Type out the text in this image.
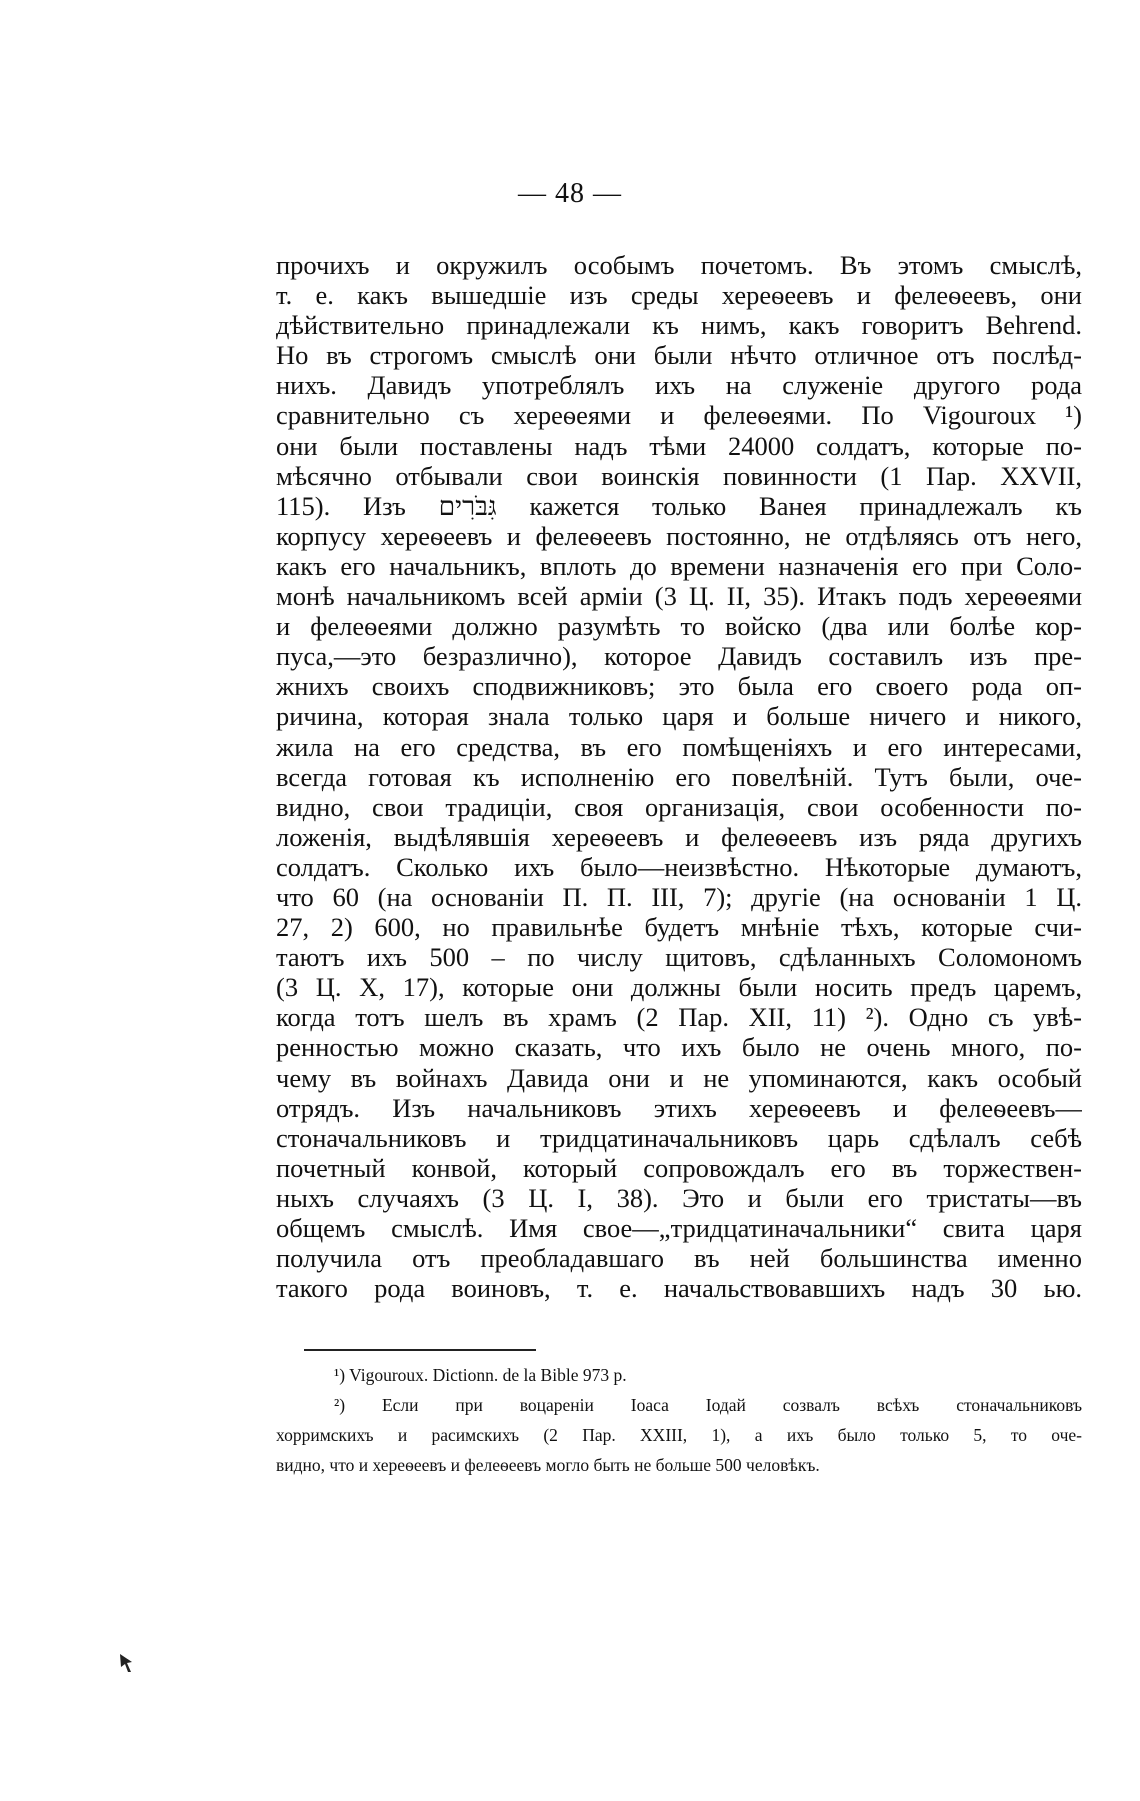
— 48 —
прочихъ и окружилъ особымъ почетомъ. Въ этомъ смыслѣ,
т. е. какъ вышедшіе изъ среды хереѳеевъ и фелеѳеевъ, они
дѣйствительно принадлежали къ нимъ, какъ говоритъ Behrend.
Но въ строгомъ смыслѣ они были нѣчто отличное отъ послѣд-
нихъ. Давидъ употреблялъ ихъ на служеніе другого рода
сравнительно съ хереѳеями и фелеѳеями. По Vigouroux ¹)
они были поставлены надъ тѣми 24000 солдатъ, которые по-
мѣсячно отбывали свои воинскія повинности (1 Пар. XXVII,
115). Изъ גִּבֹּרִים кажется только Ванея принадлежалъ къ
корпусу хереѳеевъ и фелеѳеевъ постоянно, не отдѣляясь отъ него,
какъ его начальникъ, вплоть до времени назначенія его при Соло-
монѣ начальникомъ всей арміи (3 Ц. II, 35). Итакъ подъ хереѳеями
и фелеѳеями должно разумѣть то войско (два или болѣе кор-
пуса,—это безразлично), которое Давидъ составилъ изъ пре-
жнихъ своихъ сподвижниковъ; это была его своего рода оп-
ричина, которая знала только царя и больше ничего и никого,
жила на его средства, въ его помѣщеніяхъ и его интересами,
всегда готовая къ исполненію его повелѣній. Тутъ были, оче-
видно, свои традиціи, своя организація, свои особенности по-
ложенія, выдѣлявшія хереѳеевъ и фелеѳеевъ изъ ряда другихъ
солдатъ. Сколько ихъ было—неизвѣстно. Нѣкоторые думаютъ,
что 60 (на основаніи П. П. III, 7); другіе (на основаніи 1 Ц.
27, 2) 600, но правильнѣе будетъ мнѣніе тѣхъ, которые счи-
таютъ ихъ 500 – по числу щитовъ, сдѣланныхъ Соломономъ
(3 Ц. X, 17), которые они должны были носить предъ царемъ,
когда тотъ шелъ въ храмъ (2 Пар. XII, 11) ²). Одно съ увѣ-
ренностью можно сказать, что ихъ было не очень много, по-
чему въ войнахъ Давида они и не упоминаются, какъ особый
отрядъ. Изъ начальниковъ этихъ хереѳеевъ и фелеѳеевъ—
стоначальниковъ и тридцатиначальниковъ царь сдѣлалъ себѣ
почетный конвой, который сопровождалъ его въ торжествен-
ныхъ случаяхъ (3 Ц. I, 38). Это и были его тристаты—въ
общемъ смыслѣ. Имя свое—„тридцатиначальники“ свита царя
получила отъ преобладавшаго въ ней большинства именно
такого рода воиновъ, т. е. начальствовавшихъ надъ 30 ью.
¹) Vigouroux. Dictionn. de la Bible 973 p.
²) Если при воцареніи Іоаса Іодай созвалъ всѣхъ стоначальниковъ
хорримскихъ и расимскихъ (2 Пар. XXIII, 1), а ихъ было только 5, то оче-
видно, что и хереѳеевъ и фелеѳеевъ могло быть не больше 500 человѣкъ.
